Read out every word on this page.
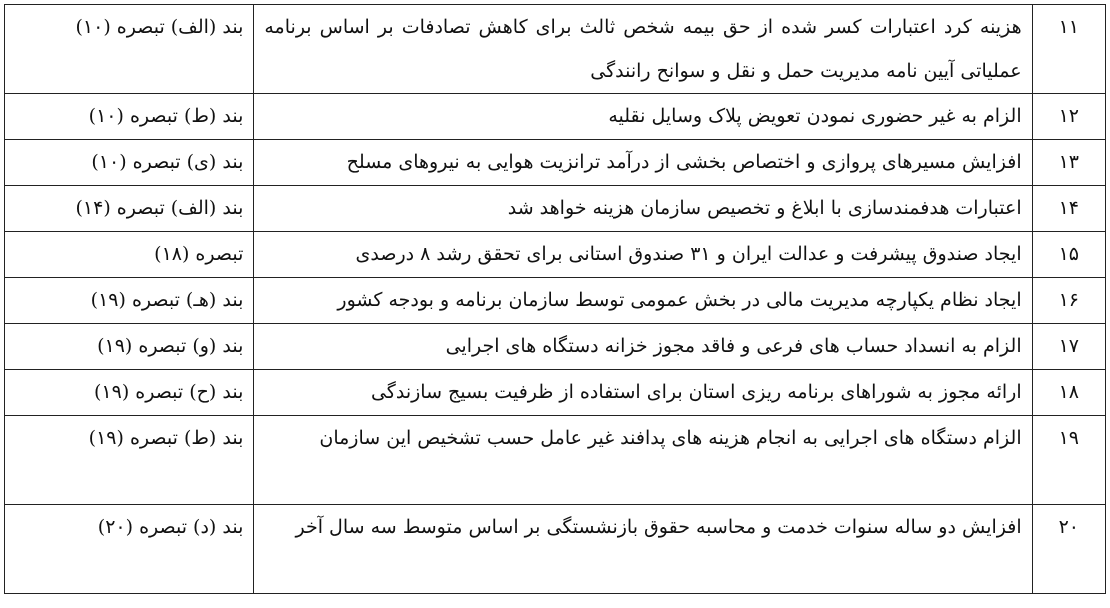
۱۱	هزینه کرد اعتبارات کسر شده از حق بیمه شخص ثالث برای کاهش تصادفات بر اساس برنامه عملیاتی آیین نامه مدیریت حمل و نقل و سوانح رانندگی	بند (الف) تبصره (۱۰)
۱۲	الزام به غیر حضوری نمودن تعویض پلاک وسایل نقلیه	بند (ط) تبصره (۱۰)
۱۳	افزایش مسیرهای پروازی و اختصاص بخشی از درآمد ترانزیت هوایی به نیروهای مسلح	بند (ی) تبصره (۱۰)
۱۴	اعتبارات هدفمندسازی با ابلاغ و تخصیص سازمان هزینه خواهد شد	بند (الف) تبصره (۱۴)
۱۵	ایجاد صندوق پیشرفت و عدالت ایران و ۳۱ صندوق استانی برای تحقق رشد ۸ درصدی	تبصره (۱۸)
۱۶	ایجاد نظام یکپارچه مدیریت مالی در بخش عمومی توسط سازمان برنامه و بودجه کشور	بند (هـ) تبصره (۱۹)
۱۷	الزام به انسداد حساب های فرعی و فاقد مجوز خزانه دستگاه های اجرایی	بند (و) تبصره (۱۹)
۱۸	ارائه مجوز به شوراهای برنامه ریزی استان برای استفاده از ظرفیت بسیج سازندگی	بند (ح) تبصره (۱۹)
۱۹	الزام دستگاه های اجرایی به انجام هزینه های پدافند غیر عامل حسب تشخیص این سازمان	بند (ط) تبصره (۱۹)
۲۰	افزایش دو ساله سنوات خدمت و محاسبه حقوق بازنشستگی بر اساس متوسط سه سال آخر	بند (د) تبصره (۲۰)
